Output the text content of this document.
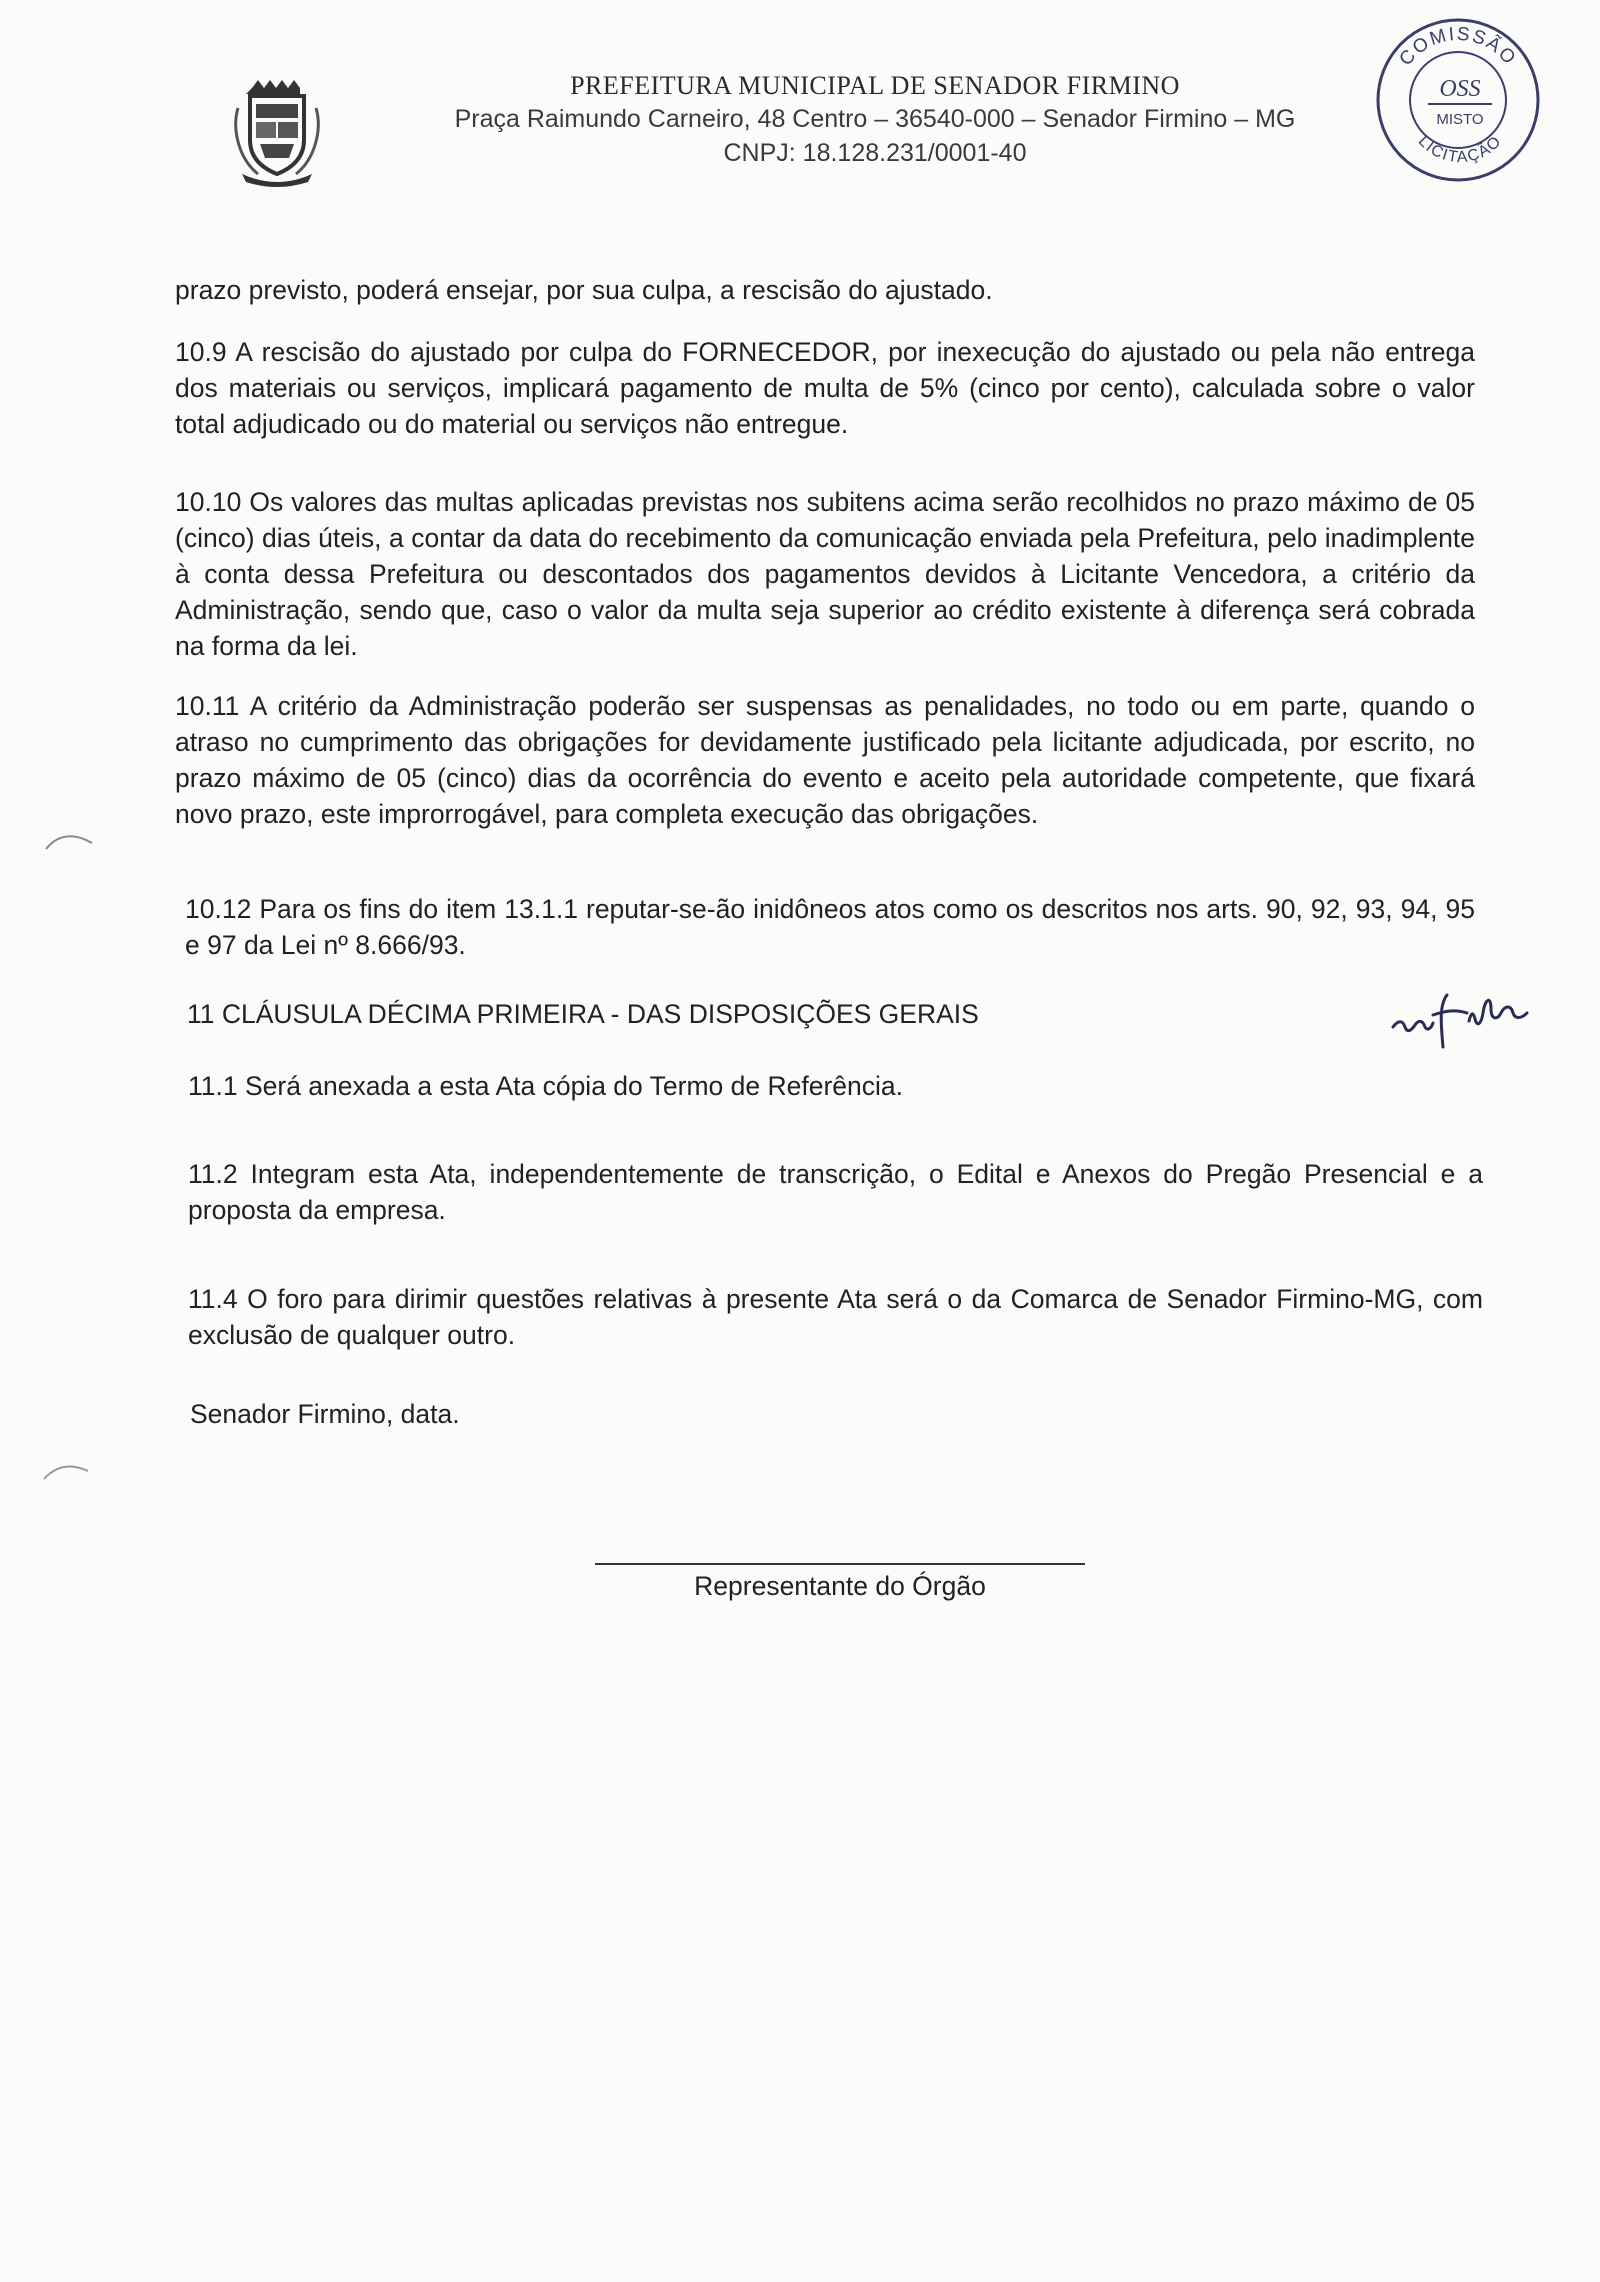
PREFEITURA MUNICIPAL DE SENADOR FIRMINO
Praça Raimundo Carneiro, 48 Centro – 36540-000 – Senador Firmino – MG
CNPJ: 18.128.231/0001-40
COMISSÃO
OSS
MISTO
LICITAÇÃO

prazo previsto, poderá ensejar, por sua culpa, a rescisão do ajustado.

10.9 A rescisão do ajustado por culpa do FORNECEDOR, por inexecução do ajustado ou pela não entrega dos materiais ou serviços, implicará pagamento de multa de 5% (cinco por cento), calculada sobre o valor total adjudicado ou do material ou serviços não entregue.

10.10 Os valores das multas aplicadas previstas nos subitens acima serão recolhidos no prazo máximo de 05 (cinco) dias úteis, a contar da data do recebimento da comunicação enviada pela Prefeitura, pelo inadimplente à conta dessa Prefeitura ou descontados dos pagamentos devidos à Licitante Vencedora, a critério da Administração, sendo que, caso o valor da multa seja superior ao crédito existente à diferença será cobrada na forma da lei.

10.11 A critério da Administração poderão ser suspensas as penalidades, no todo ou em parte, quando o atraso no cumprimento das obrigações for devidamente justificado pela licitante adjudicada, por escrito, no prazo máximo de 05 (cinco) dias da ocorrência do evento e aceito pela autoridade competente, que fixará novo prazo, este improrrogável, para completa execução das obrigações.

10.12 Para os fins do item 13.1.1 reputar-se-ão inidôneos atos como os descritos nos arts. 90, 92, 93, 94, 95 e 97 da Lei nº 8.666/93.

11 CLÁUSULA DÉCIMA PRIMEIRA - DAS DISPOSIÇÕES GERAIS

11.1 Será anexada a esta Ata cópia do Termo de Referência.

11.2 Integram esta Ata, independentemente de transcrição, o Edital e Anexos do Pregão Presencial e a proposta da empresa.

11.4 O foro para dirimir questões relativas à presente Ata será o da Comarca de Senador Firmino-MG, com exclusão de qualquer outro.

Senador Firmino, data.

Representante do Órgão
